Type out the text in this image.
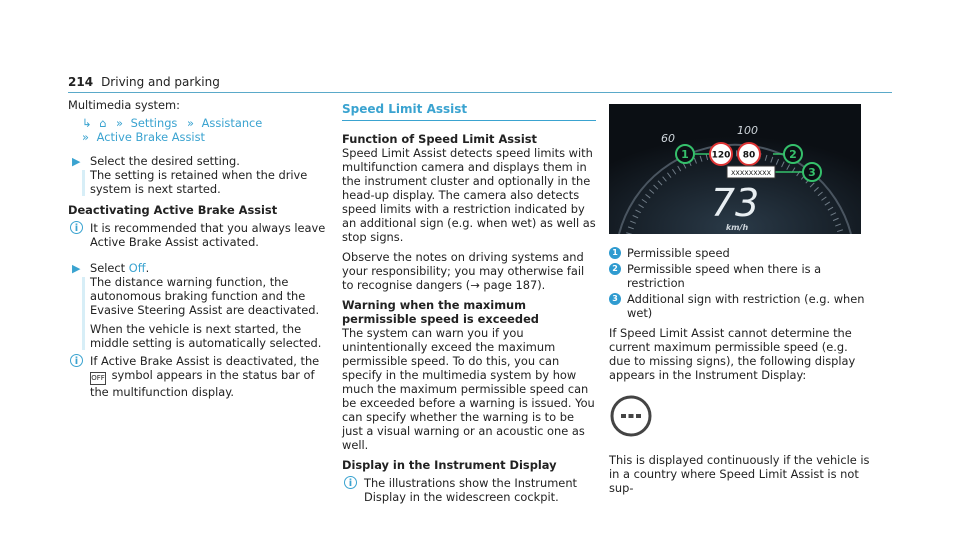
214 Driving and parking

Multimedia system:

↳ ⌂ » Settings » Assistance

» Active Brake Assist

▶ Select the desired setting.

The setting is retained when the drive system is next started.

Deactivating Active Brake Assist

i	It is recommended that you always leave Active Brake Assist activated.

▶ Select Off.

The distance warning function, the autonomous braking function and the Evasive Steering Assist are deactivated.

When the vehicle is next started, the middle setting is automatically selected.

i	If Active Brake Assist is deactivated, the
OFF symbol appears in the status bar of the multifunction display.

Speed Limit Assist

Function of Speed Limit Assist

Speed Limit Assist detects speed limits with multifunction camera and displays them in the instrument cluster and optionally in the head-up display. The camera also detects speed limits with a restriction indicated by an additional sign (e.g. when wet) as well as stop signs.

Observe the notes on driving systems and your responsibility; you may otherwise fail to recognise dangers (→ page 187).

Warning when the maximum permissible speed is exceeded

The system can warn you if you unintentionally exceed the maximum permissible speed. To do this, you can specify in the multimedia system by how much the maximum permissible speed can be exceeded before a warning is issued. You can specify whether the warning is to be just a visual warning or an acoustic one as well.

Display in the Instrument Display

i	The illustrations show the Instrument Display in the widescreen cockpit.

100
60
1	120 80	2
XXXXXXXXX	3
73
km/h
1 Permissible speed

2 Permissible speed when there is a restriction

3 Additional sign with restriction (e.g. when wet)

If Speed Limit Assist cannot determine the current maximum permissible speed (e.g. due to missing signs), the following display appears in the Instrument Display:

This is displayed continuously if the vehicle is in a country where Speed Limit Assist is not sup-
